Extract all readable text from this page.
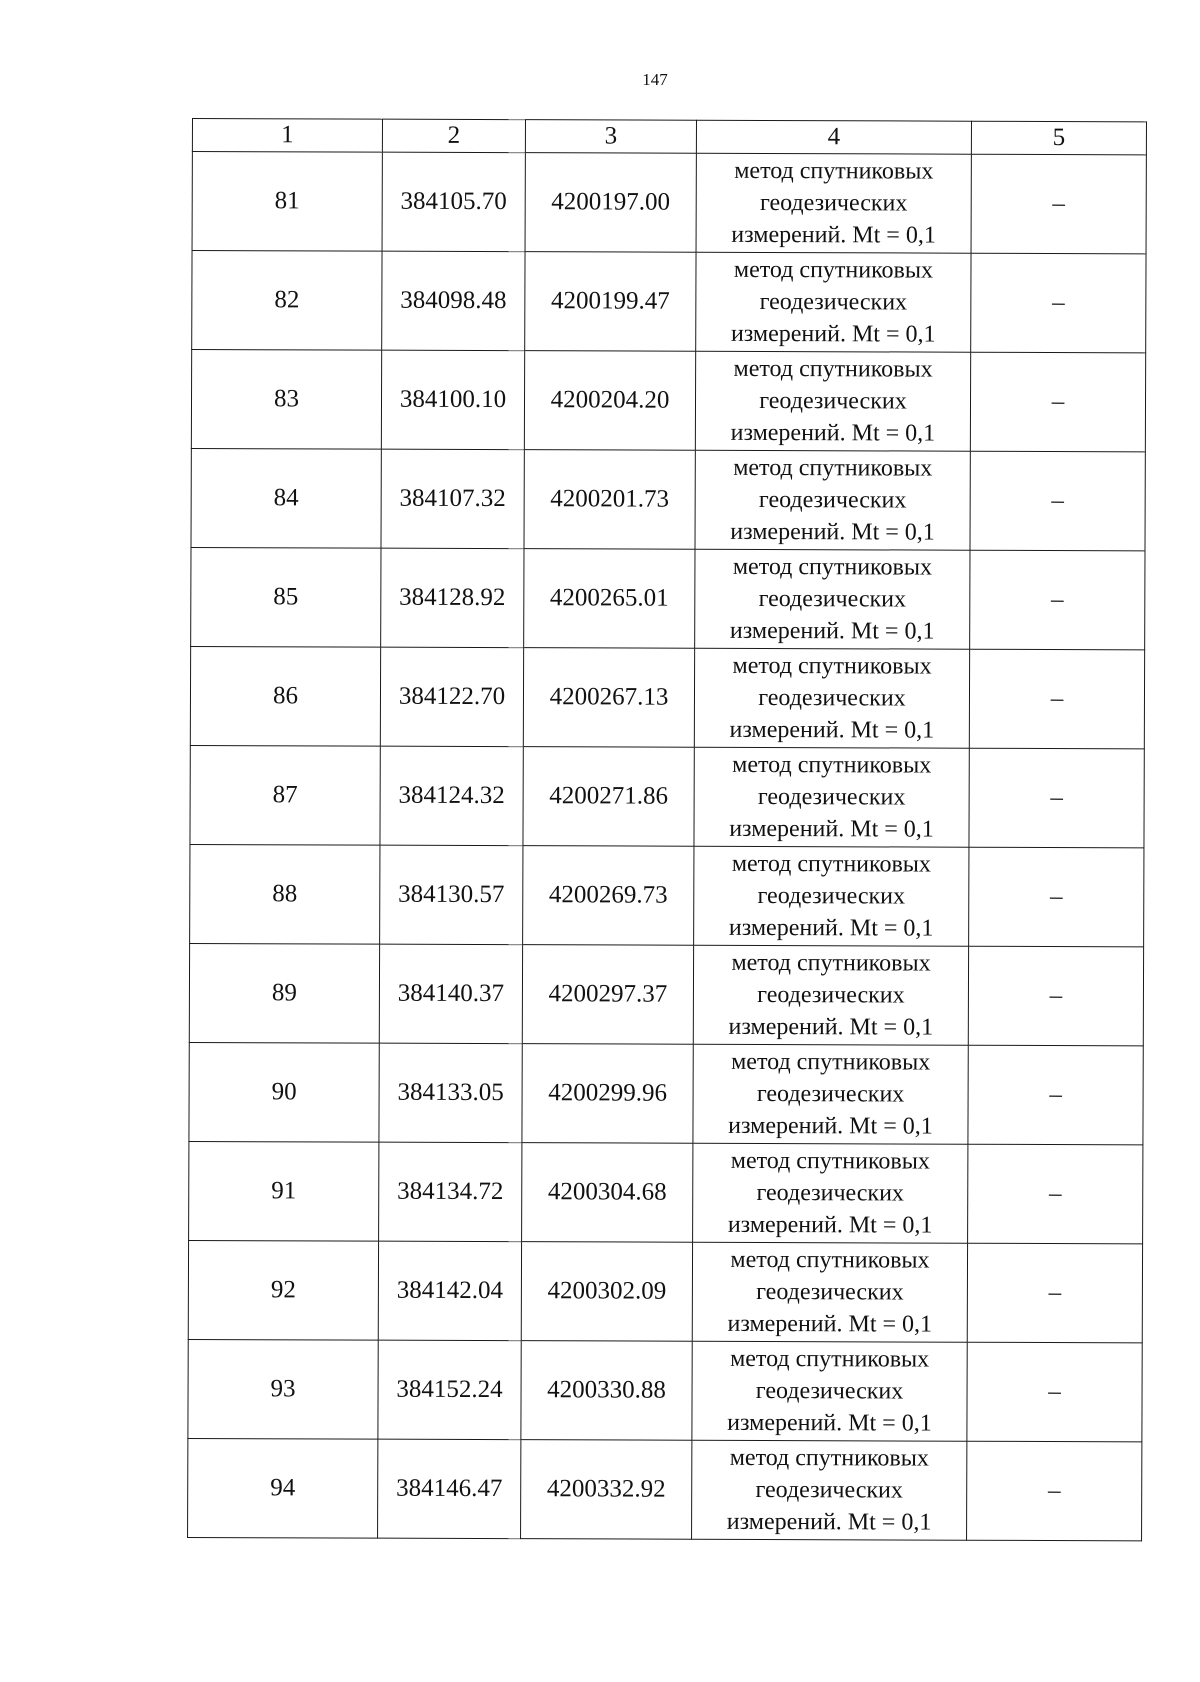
147
1	2	3	4	5
81	384105.70	4200197.00	метод спутниковых
геодезических
измерений. Mt = 0,1	–
82	384098.48	4200199.47	метод спутниковых
геодезических
измерений. Mt = 0,1	–
83	384100.10	4200204.20	метод спутниковых
геодезических
измерений. Mt = 0,1	–
84	384107.32	4200201.73	метод спутниковых
геодезических
измерений. Mt = 0,1	–
85	384128.92	4200265.01	метод спутниковых
геодезических
измерений. Mt = 0,1	–
86	384122.70	4200267.13	метод спутниковых
геодезических
измерений. Mt = 0,1	–
87	384124.32	4200271.86	метод спутниковых
геодезических
измерений. Mt = 0,1	–
88	384130.57	4200269.73	метод спутниковых
геодезических
измерений. Mt = 0,1	–
89	384140.37	4200297.37	метод спутниковых
геодезических
измерений. Mt = 0,1	–
90	384133.05	4200299.96	метод спутниковых
геодезических
измерений. Mt = 0,1	–
91	384134.72	4200304.68	метод спутниковых
геодезических
измерений. Mt = 0,1	–
92	384142.04	4200302.09	метод спутниковых
геодезических
измерений. Mt = 0,1	–
93	384152.24	4200330.88	метод спутниковых
геодезических
измерений. Mt = 0,1	–
94	384146.47	4200332.92	метод спутниковых
геодезических
измерений. Mt = 0,1	–
